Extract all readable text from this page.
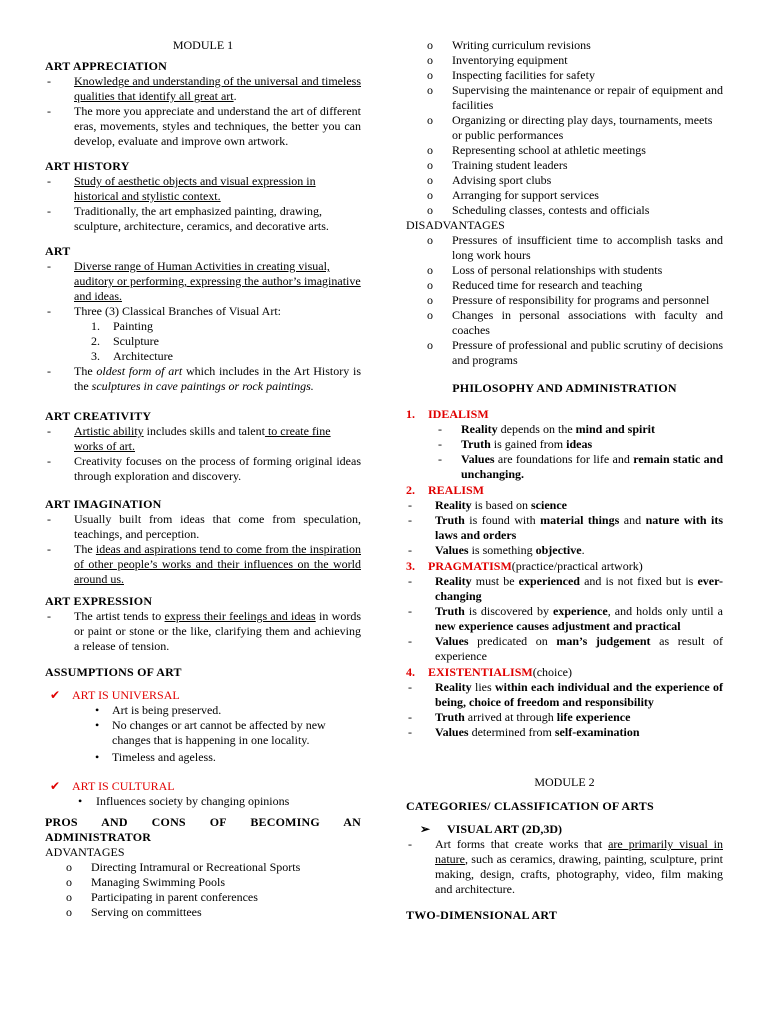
MODULE 1
ART APPRECIATION
-	Knowledge and understanding of the universal and timeless qualities that identify all great art.
-	The more you appreciate and understand the art of different eras, movements, styles and techniques, the better you can develop, evaluate and improve own artwork.
ART HISTORY
-	Study of aesthetic objects and visual expression in historical and stylistic context.
-	Traditionally, the art emphasized painting, drawing, sculpture, architecture, ceramics, and decorative arts.
ART
-	Diverse range of Human Activities in creating visual, auditory or performing, expressing the author’s imaginative and ideas.
-	Three (3) Classical Branches of Visual Art:
1.	Painting
2.	Sculpture
3.	Architecture
-	The oldest form of art which includes in the Art History is the sculptures in cave paintings or rock paintings.
ART CREATIVITY
-	Artistic ability includes skills and talent to create fine works of art.
-	Creativity focuses on the process of forming original ideas through exploration and discovery.
ART IMAGINATION
-	Usually built from ideas that come from speculation, teachings, and perception.
-	The ideas and aspirations tend to come from the inspiration of other people’s works and their influences on the world around us.
ART EXPRESSION
-	The artist tends to express their feelings and ideas in words or paint or stone or the like, clarifying them and achieving a release of tension.
ASSUMPTIONS OF ART
✔ ART IS UNIVERSAL
•	Art is being preserved.
•	No changes or art cannot be affected by new changes that is happening in one locality.
•	Timeless and ageless.
✔ ART IS CULTURAL
•	Influences society by changing opinions
PROS AND CONS OF BECOMING AN ADMINISTRATOR
ADVANTAGES
o	Directing Intramural or Recreational Sports
o	Managing Swimming Pools
o	Participating in parent conferences
o	Serving on committees
o	Writing curriculum revisions
o	Inventorying equipment
o	Inspecting facilities for safety
o	Supervising the maintenance or repair of equipment and facilities
o	Organizing or directing play days, tournaments, meets or public performances
o	Representing school at athletic meetings
o	Training student leaders
o	Advising sport clubs
o	Arranging for support services
o	Scheduling classes, contests and officials
DISADVANTAGES
o	Pressures of insufficient time to accomplish tasks and long work hours
o	Loss of personal relationships with students
o	Reduced time for research and teaching
o	Pressure of responsibility for programs and personnel
o	Changes in personal associations with faculty and coaches
o	Pressure of professional and public scrutiny of decisions and programs
PHILOSOPHY AND ADMINISTRATION
1.	IDEALISM
-	Reality depends on the mind and spirit
-	Truth is gained from ideas
-	Values are foundations for life and remain static and unchanging.
2.	REALISM
-	Reality is based on science
-	Truth is found with material things and nature with its laws and orders
-	Values is something objective.
3.	PRAGMATISM (practice/practical artwork)
-	Reality must be experienced and is not fixed but is ever-changing
-	Truth is discovered by experience, and holds only until a new experience causes adjustment and practical
-	Values predicated on man’s judgement as result of experience
4.	EXISTENTIALISM (choice)
-	Reality lies within each individual and the experience of being, choice of freedom and responsibility
-	Truth arrived at through life experience
-	Values determined from self-examination
MODULE 2
CATEGORIES/ CLASSIFICATION OF ARTS
➢	VISUAL ART (2D,3D)
-	Art forms that create works that are primarily visual in nature, such as ceramics, drawing, painting, sculpture, print making, design, crafts, photography, video, film making and architecture.
TWO-DIMENSIONAL ART
